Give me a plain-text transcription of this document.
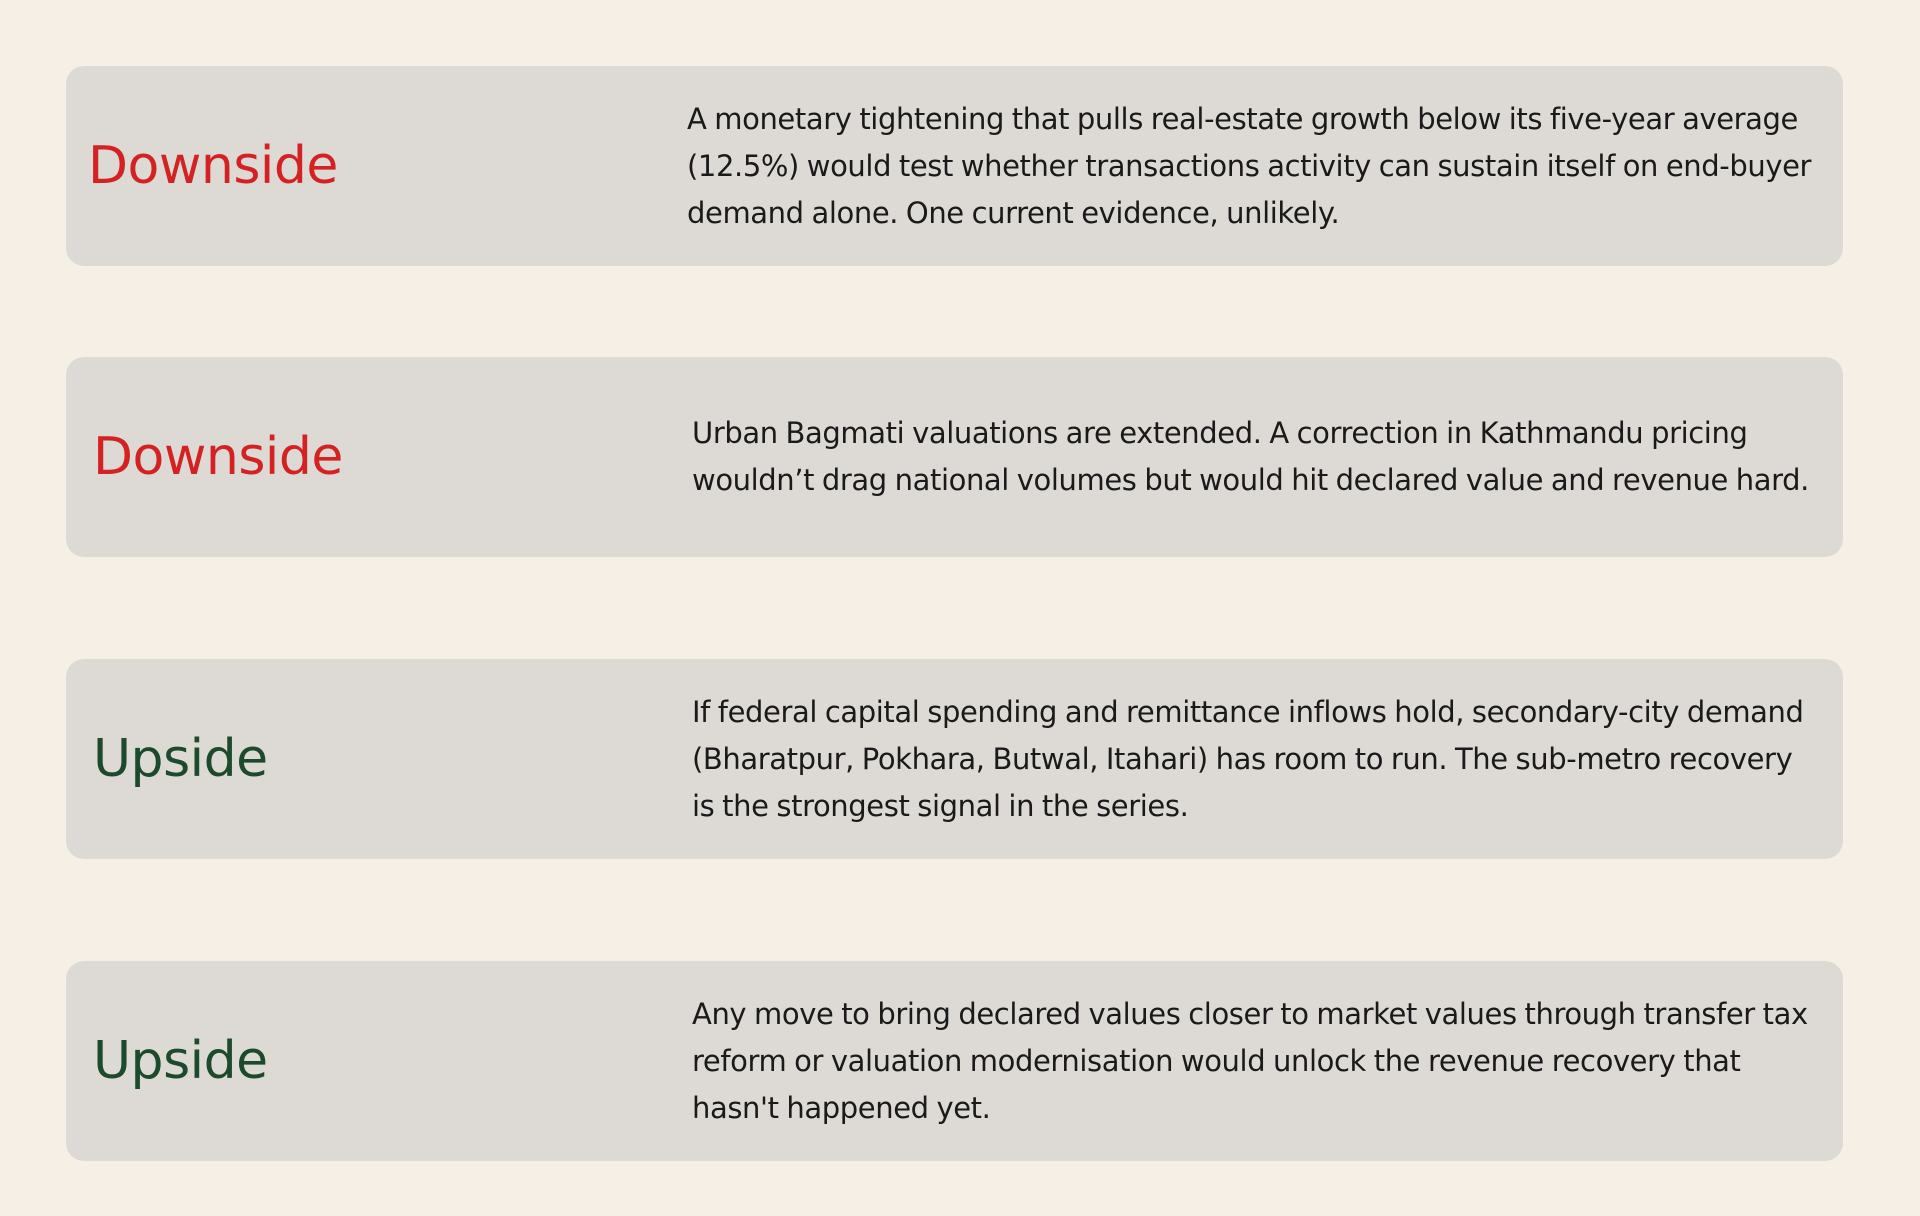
Downside
A monetary tightening that pulls real-estate growth below its five-year average (12.5%) would test whether transactions activity can sustain itself on end-buyer demand alone. One current evidence, unlikely.
Downside	Urban Bagmati valuations are extended. A correction in Kathmandu pricing wouldn’t drag national volumes but would hit declared value and revenue hard.
Upside
If federal capital spending and remittance inflows hold, secondary-city demand (Bharatpur, Pokhara, Butwal, Itahari) has room to run. The sub-metro recovery is the strongest signal in the series.
Upside
Any move to bring declared values closer to market values through transfer tax reform or valuation modernisation would unlock the revenue recovery that hasn't happened yet.
